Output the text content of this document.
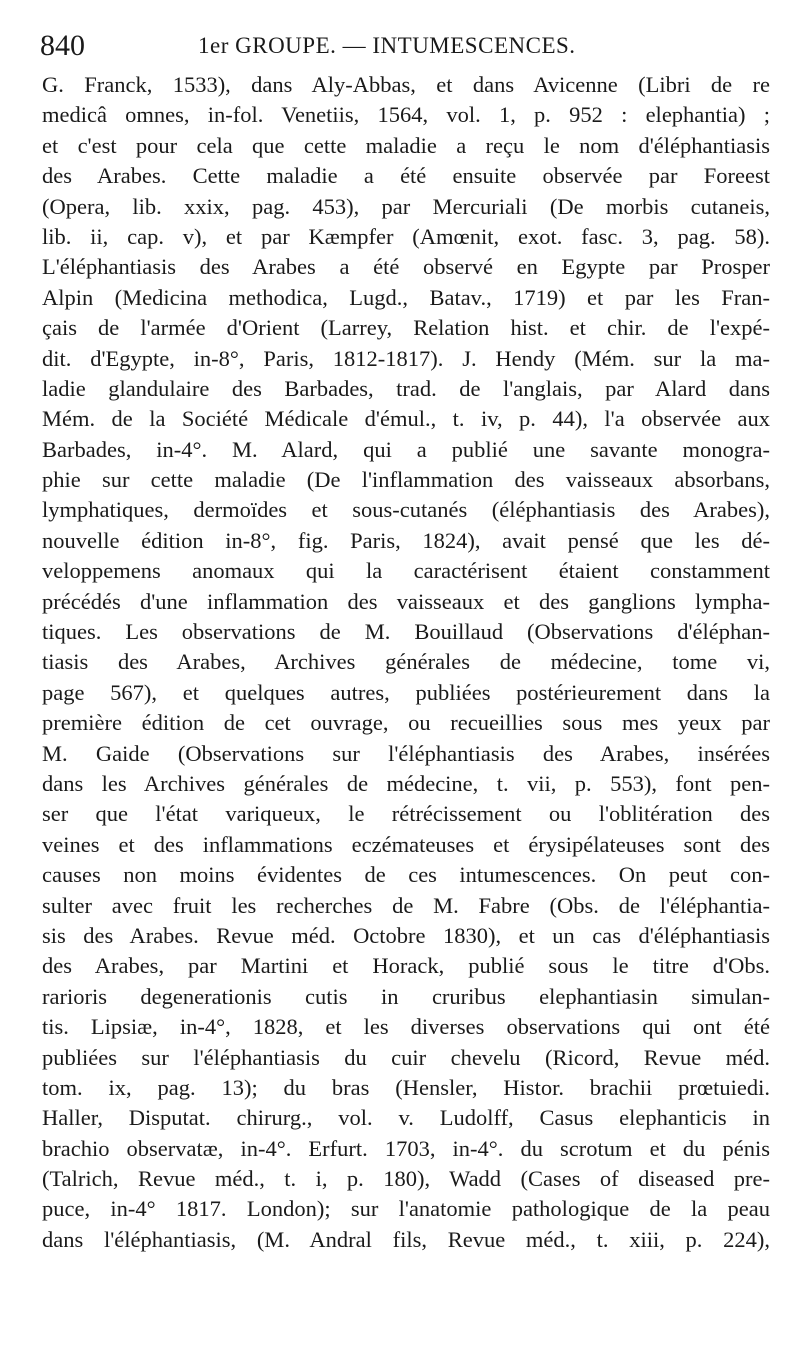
840	1er GROUPE. — INTUMESCENCES.
G. Franck, 1533), dans Aly-Abbas, et dans Avicenne (Libri de re
medicâ omnes, in-fol. Venetiis, 1564, vol. 1, p. 952 : elephantia) ;
et c'est pour cela que cette maladie a reçu le nom d'éléphantiasis
des Arabes. Cette maladie a été ensuite observée par Foreest
(Opera, lib. xxix, pag. 453), par Mercuriali (De morbis cutaneis,
lib. ii, cap. v), et par Kæmpfer (Amœnit, exot. fasc. 3, pag. 58).
L'éléphantiasis des Arabes a été observé en Egypte par Prosper
Alpin (Medicina methodica, Lugd., Batav., 1719) et par les Fran-
çais de l'armée d'Orient (Larrey, Relation hist. et chir. de l'expé-
dit. d'Egypte, in-8°, Paris, 1812-1817). J. Hendy (Mém. sur la ma-
ladie glandulaire des Barbades, trad. de l'anglais, par Alard dans
Mém. de la Société Médicale d'émul., t. iv, p. 44), l'a observée aux
Barbades, in-4°. M. Alard, qui a publié une savante monogra-
phie sur cette maladie (De l'inflammation des vaisseaux absorbans,
lymphatiques, dermoïdes et sous-cutanés (éléphantiasis des Arabes),
nouvelle édition in-8°, fig. Paris, 1824), avait pensé que les dé-
veloppemens anomaux qui la caractérisent étaient constamment
précédés d'une inflammation des vaisseaux et des ganglions lympha-
tiques. Les observations de M. Bouillaud (Observations d'éléphan-
tiasis des Arabes, Archives générales de médecine, tome vi,
page 567), et quelques autres, publiées postérieurement dans la
première édition de cet ouvrage, ou recueillies sous mes yeux par
M. Gaide (Observations sur l'éléphantiasis des Arabes, insérées
dans les Archives générales de médecine, t. vii, p. 553), font pen-
ser que l'état variqueux, le rétrécissement ou l'oblitération des
veines et des inflammations eczémateuses et érysipélateuses sont des
causes non moins évidentes de ces intumescences. On peut con-
sulter avec fruit les recherches de M. Fabre (Obs. de l'éléphantia-
sis des Arabes. Revue méd. Octobre 1830), et un cas d'éléphantiasis
des Arabes, par Martini et Horack, publié sous le titre d'Obs.
rarioris degenerationis cutis in cruribus elephantiasin simulan-
tis. Lipsiæ, in-4°, 1828, et les diverses observations qui ont été
publiées sur l'éléphantiasis du cuir chevelu (Ricord, Revue méd.
tom. ix, pag. 13); du bras (Hensler, Histor. brachii prœtuiedi.
Haller, Disputat. chirurg., vol. v. Ludolff, Casus elephanticis in
brachio observatæ, in-4°. Erfurt. 1703, in-4°. du scrotum et du pénis
(Talrich, Revue méd., t. i, p. 180), Wadd (Cases of diseased pre-
puce, in-4° 1817. London); sur l'anatomie pathologique de la peau
dans l'éléphantiasis, (M. Andral fils, Revue méd., t. xiii, p. 224),
